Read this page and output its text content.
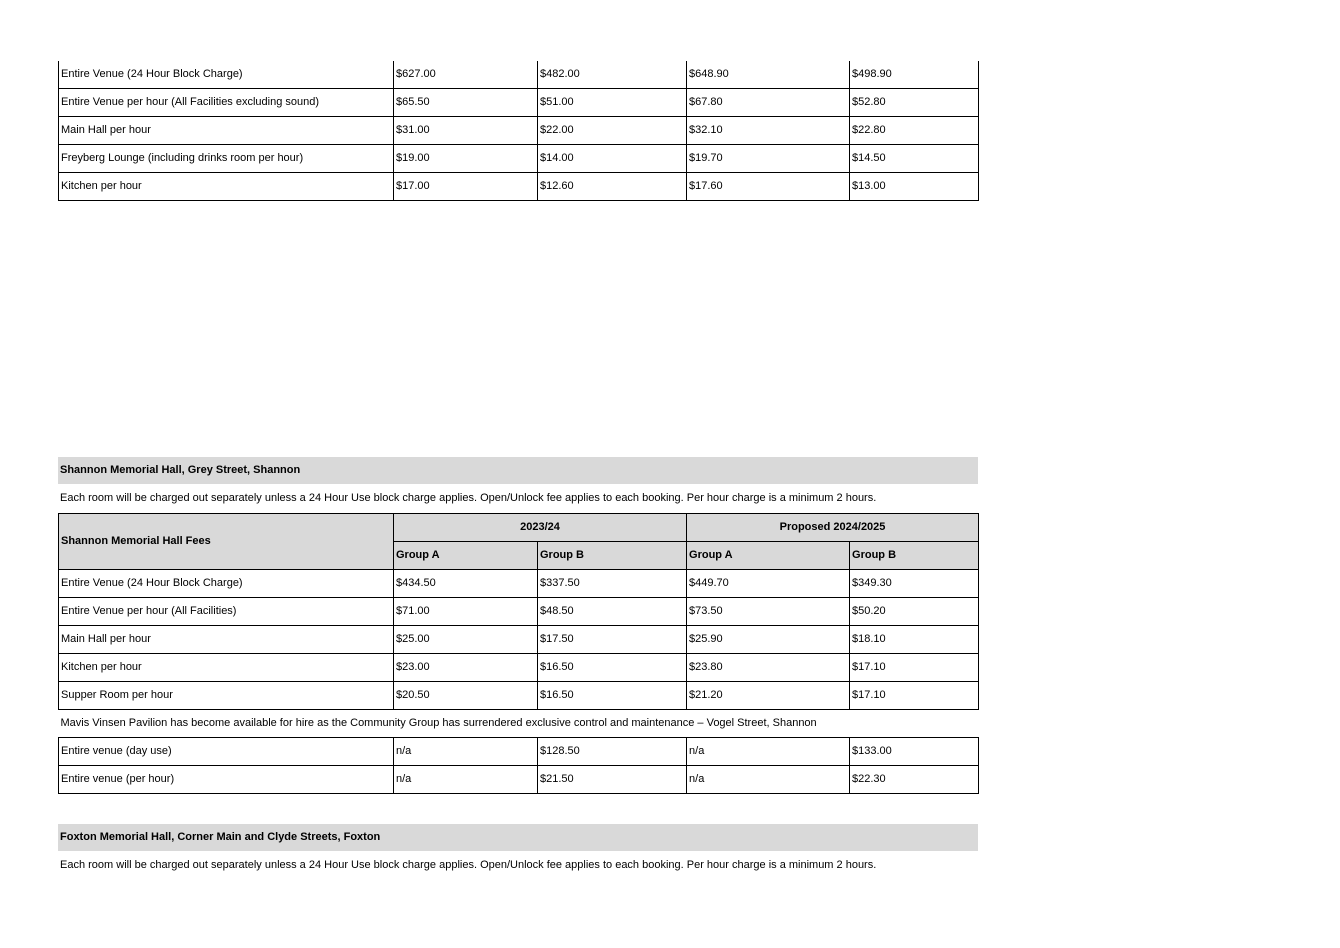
Entire Venue (24 Hour Block Charge)	$627.00	$482.00	$648.90	$498.90
Entire Venue per hour (All Facilities excluding sound)	$65.50	$51.00	$67.80	$52.80
Main Hall per hour	$31.00	$22.00	$32.10	$22.80
Freyberg Lounge (including drinks room per hour)	$19.00	$14.00	$19.70	$14.50
Kitchen per hour	$17.00	$12.60	$17.60	$13.00
Shannon Memorial Hall, Grey Street, Shannon
Each room will be charged out separately unless a 24 Hour Use block charge applies. Open/Unlock fee applies to each booking. Per hour charge is a minimum 2 hours.
Shannon Memorial Hall Fees	2023/24		Proposed 2024/2025	
	Group A	Group B	Group A	Group B
Entire Venue (24 Hour Block Charge)	$434.50	$337.50	$449.70	$349.30
Entire Venue per hour (All Facilities)	$71.00	$48.50	$73.50	$50.20
Main Hall per hour	$25.00	$17.50	$25.90	$18.10
Kitchen per hour	$23.00	$16.50	$23.80	$17.10
Supper Room per hour	$20.50	$16.50	$21.20	$17.10
Mavis Vinsen Pavilion has become available for hire as the Community Group has surrendered exclusive control and maintenance – Vogel Street, Shannon				
Entire venue (day use)	n/a	$128.50	n/a	$133.00
Entire venue (per hour)	n/a	$21.50	n/a	$22.30
Foxton Memorial Hall, Corner Main and Clyde Streets, Foxton
Each room will be charged out separately unless a 24 Hour Use block charge applies. Open/Unlock fee applies to each booking. Per hour charge is a minimum 2 hours.
